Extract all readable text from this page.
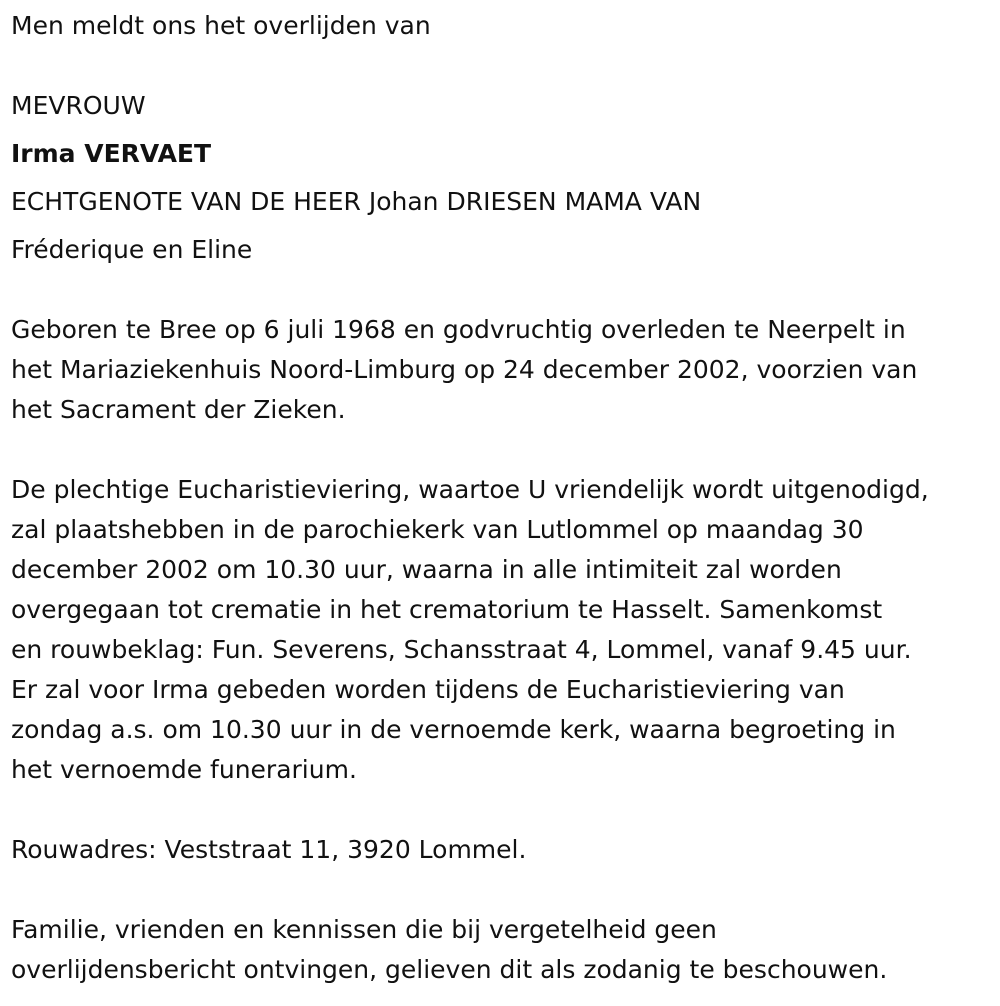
Men meldt ons het overlijden van

MEVROUW

Irma VERVAET

ECHTGENOTE VAN DE HEER Johan DRIESEN MAMA VAN

Fréderique en Eline

Geboren te Bree op 6 juli 1968 en godvruchtig overleden te Neerpelt in

het Mariaziekenhuis Noord-Limburg op 24 december 2002, voorzien van

het Sacrament der Zieken.

De plechtige Eucharistieviering, waartoe U vriendelijk wordt uitgenodigd,

zal plaatshebben in de parochiekerk van Lutlommel op maandag 30

december 2002 om 10.30 uur, waarna in alle intimiteit zal worden

overgegaan tot crematie in het crematorium te Hasselt. Samenkomst

en rouwbeklag: Fun. Severens, Schansstraat 4, Lommel, vanaf 9.45 uur.

Er zal voor Irma gebeden worden tijdens de Eucharistieviering van

zondag a.s. om 10.30 uur in de vernoemde kerk, waarna begroeting in

het vernoemde funerarium.

Rouwadres: Veststraat 11, 3920 Lommel.

Familie, vrienden en kennissen die bij vergetelheid geen

overlijdensbericht ontvingen, gelieven dit als zodanig te beschouwen.
